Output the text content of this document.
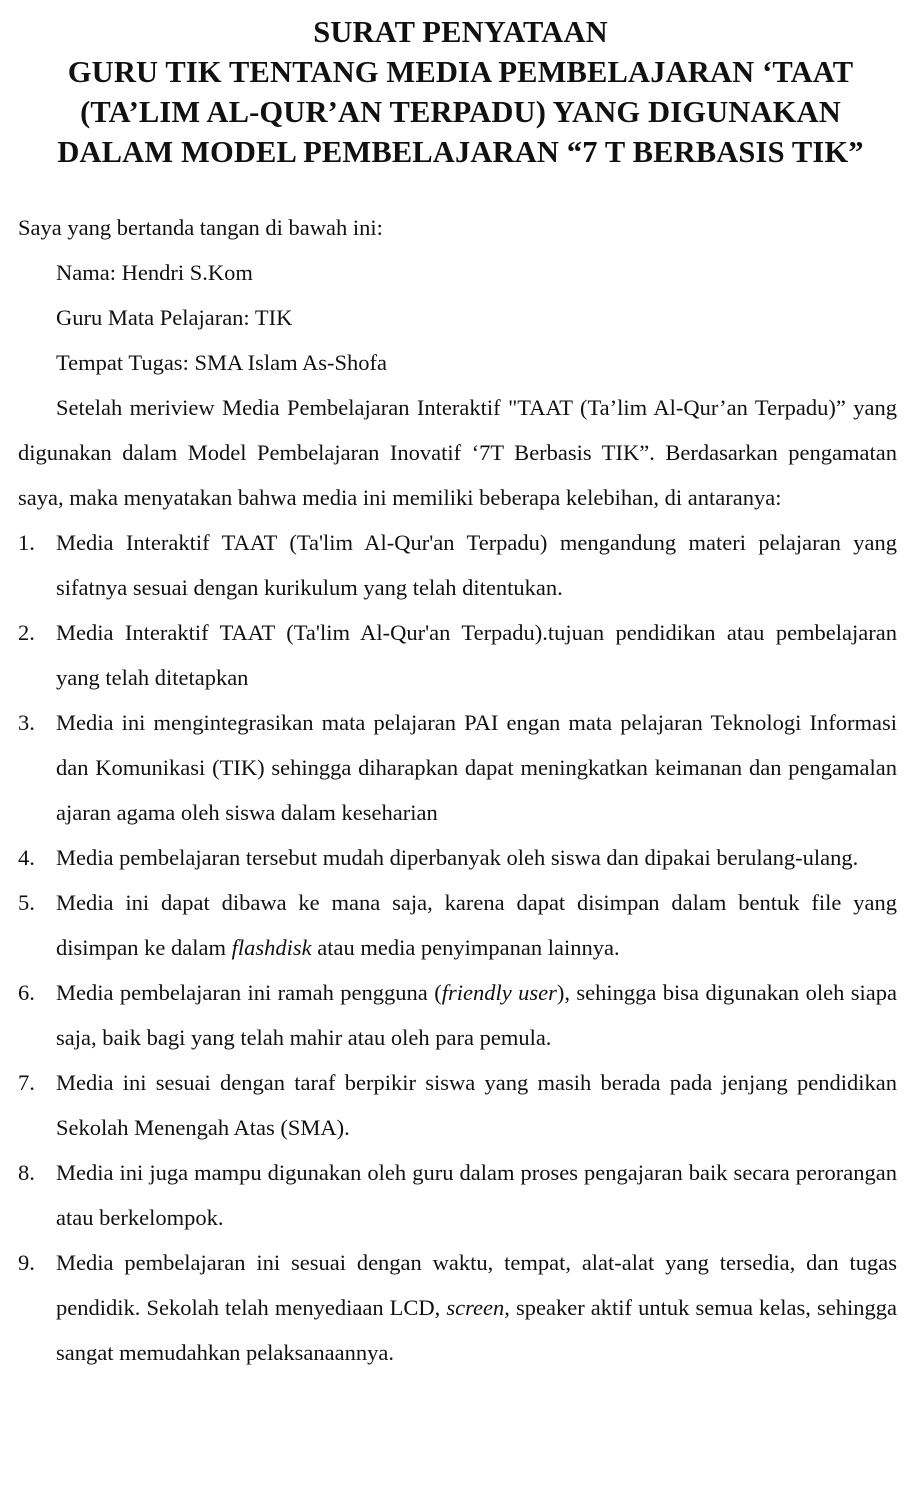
SURAT PENYATAAN
GURU TIK TENTANG MEDIA PEMBELAJARAN ‘TAAT
(TA’LIM AL-QUR’AN TERPADU) YANG DIGUNAKAN
DALAM MODEL PEMBELAJARAN “7 T BERBASIS TIK”
Saya yang bertanda tangan di bawah ini:
Nama: Hendri S.Kom
Guru Mata Pelajaran: TIK
Tempat Tugas: SMA Islam As-Shofa
Setelah meriview Media Pembelajaran Interaktif "TAAT (Ta’lim Al-Qur’an Terpadu)” yang digunakan dalam Model Pembelajaran Inovatif ‘7T Berbasis TIK”. Berdasarkan pengamatan saya, maka menyatakan bahwa media ini memiliki beberapa kelebihan, di antaranya:
1. Media Interaktif TAAT (Ta'lim Al-Qur'an Terpadu) mengandung materi pelajaran yang sifatnya sesuai dengan kurikulum yang telah ditentukan.
2. Media Interaktif TAAT (Ta'lim Al-Qur'an Terpadu).tujuan pendidikan atau pembelajaran yang telah ditetapkan
3. Media ini mengintegrasikan mata pelajaran PAI engan mata pelajaran Teknologi Informasi dan Komunikasi (TIK) sehingga diharapkan dapat meningkatkan keimanan dan pengamalan ajaran agama oleh siswa dalam keseharian
4. Media pembelajaran tersebut mudah diperbanyak oleh siswa dan dipakai berulang-ulang.
5. Media ini dapat dibawa ke mana saja, karena dapat disimpan dalam bentuk file yang disimpan ke dalam flashdisk atau media penyimpanan lainnya.
6. Media pembelajaran ini ramah pengguna (friendly user), sehingga bisa digunakan oleh siapa saja, baik bagi yang telah mahir atau oleh para pemula.
7. Media ini sesuai dengan taraf berpikir siswa yang masih berada pada jenjang pendidikan Sekolah Menengah Atas (SMA).
8. Media ini juga mampu digunakan oleh guru dalam proses pengajaran baik secara perorangan atau berkelompok.
9. Media pembelajaran ini sesuai dengan waktu, tempat, alat-alat yang tersedia, dan tugas pendidik. Sekolah telah menyediaan LCD, screen, speaker aktif untuk semua kelas, sehingga sangat memudahkan pelaksanaannya.
